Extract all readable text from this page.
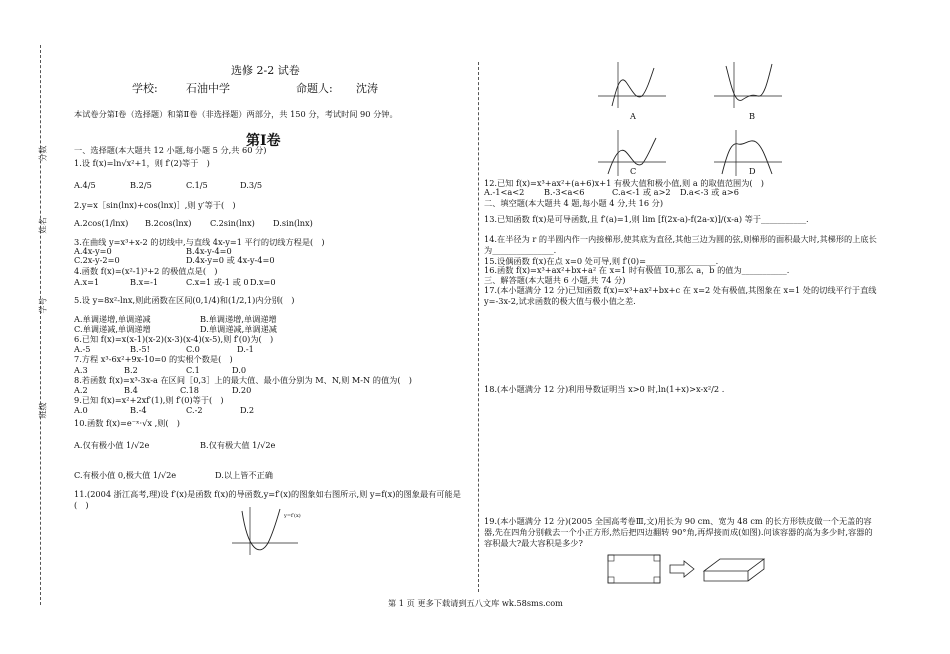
分数
姓名
学号
班级
选修 2-2 试卷
学校:	石油中学	命题人: 沈涛
本试卷分第Ⅰ卷（选择题）和第Ⅱ卷（非选择题）两部分，共 150 分，考试时间 90 分钟。
第Ⅰ卷
一、选择题(本大题共 12 小题,每小题 5 分,共 60 分)
1.设 f(x)=ln√x²+1，则 f′(2)等于　)
A.4/5	B.2/5	C.1/5	D.3/5
2.y=x［sin(lnx)+cos(lnx)］,则 y′等于(　)
A.2cos(1/lnx) B.2cos(lnx) C.2sin(lnx) D.sin(lnx)
3.在曲线 y=x³+x-2 的切线中,与直线 4x-y=1 平行的切线方程是(　)
A.4x-y=0	B.4x-y-4=0
C.2x-y-2=0	D.4x-y=0 或 4x-y-4=0
4.函数 f(x)=(x²-1)³+2 的极值点是(　)
A.x=1	B.x=-1	C.x=1 或-1 或 0 D.x=0
5.设 y=8x²-lnx,则此函数在区间(0,1/4)和(1/2,1)内分别(　)
A.单调递增,单调递减	B.单调递增,单调递增
C.单调递减,单调递增	D.单调递减,单调递减
6.已知 f(x)=x(x-1)(x-2)(x-3)(x-4)(x-5),则 f′(0)为(　)
A.-5	B.-5!	C.0	D.-1
7.方程 x³-6x²+9x-10=0 的实根个数是(　)
A.3	B.2	C.1	D.0
8.若函数 f(x)=x³-3x-a 在区间［0,3］上的最大值、最小值分别为 M、N,则 M-N 的值为(　)
A.2	B.4	C.18	D.20
9.已知 f(x)=x²+2xf′(1),则 f′(0)等于(　)
A.0	B.-4	C.-2	D.2
10.函数 f(x)=e⁻ˣ·√x ,则(　)
A.仅有极小值 1/√2e	B.仅有极大值 1/√2e
C.有极小值 0,极大值 1/√2e	D.以上皆不正确
11.(2004 浙江高考,理)设 f′(x)是函数 f(x)的导函数,y=f′(x)的图象如右图所示,则 y=f(x)的图象最有可能是(　)
y=f′(x)
A	B
C	D
12.已知 f(x)=x³+ax²+(a+6)x+1 有极大值和极小值,则 a 的取值范围为(　)
A.-1<a<2 B.-3<a<6	C.a<-1 或 a>2 D.a<-3 或 a>6
二、填空题(本大题共 4 题,每小题 4 分,共 16 分)
13.已知函数 f(x)是可导函数,且 f′(a)=1,则 lim [f(2x-a)-f(2a-x)]/(x-a) 等于___________.
14.在半径为 r 的半圆内作一内接梯形,使其底为直径,其他三边为圆的弦,则梯形的面积最大时,其梯形的上底长为_______________.
15.设偶函数 f(x)在点 x=0 处可导,则 f′(0)=_________________.
16.函数 f(x)=x³+ax²+bx+a² 在 x=1 时有极值 10,那么 a，b 的值为___________.
三、解答题(本大题共 6 小题,共 74 分)
17.(本小题满分 12 分)已知函数 f(x)=x³+ax²+bx+c 在 x=2 处有极值,其图象在 x=1 处的切线平行于直线 y=-3x-2,试求函数的极大值与极小值之差.
18.(本小题满分 12 分)利用导数证明当 x>0 时,ln(1+x)>x-x²/2 .
19.(本小题满分 12 分)(2005 全国高考卷Ⅲ,文)用长为 90 cm、宽为 48 cm 的长方形铁皮做一个无盖的容器,先在四角分别截去一个小正方形,然后把四边翻转 90°角,再焊接而成(如图).问该容器的高为多少时,容器的容积最大?最大容积是多少?
第 1 页 更多下载请到五八文库 wk.58sms.com
